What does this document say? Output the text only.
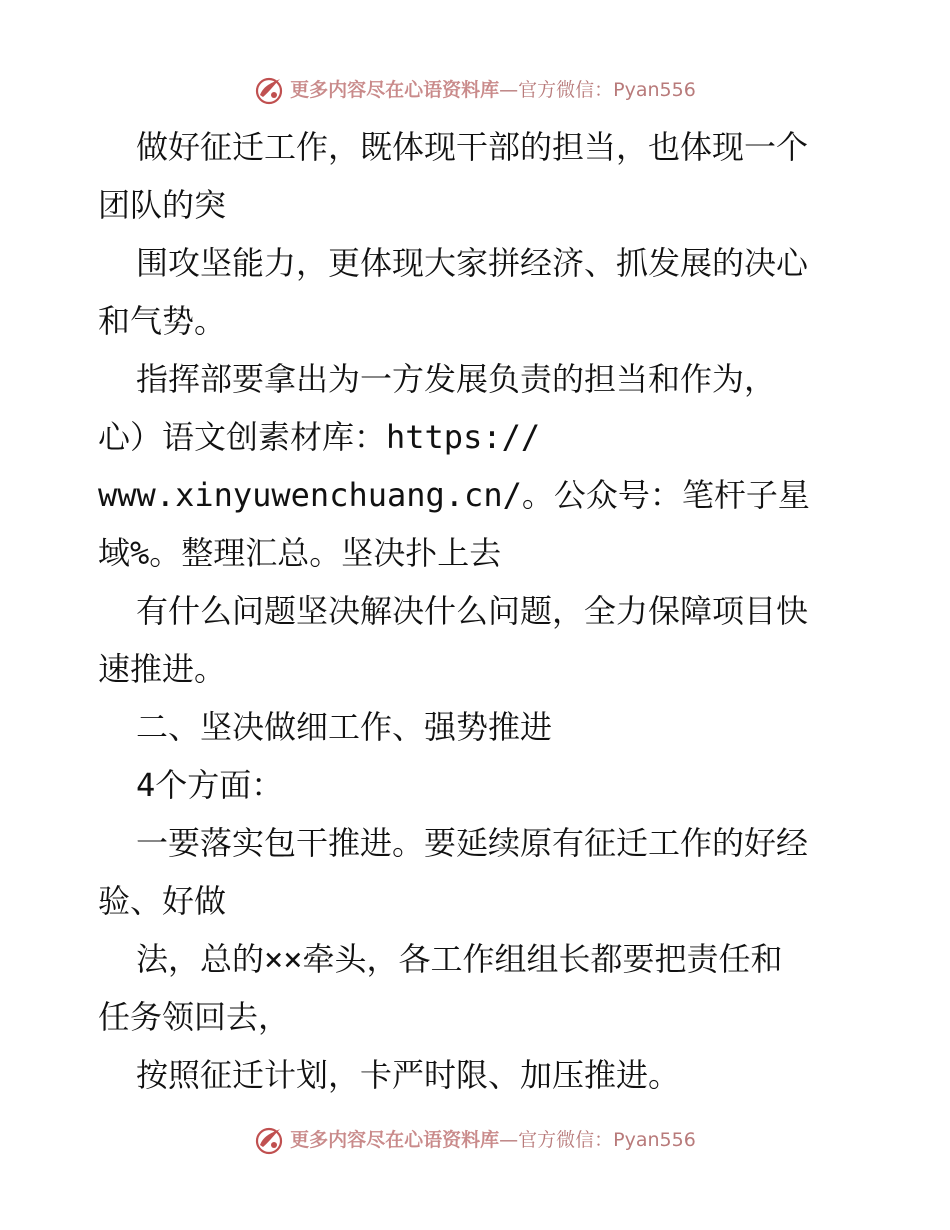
更多内容尽在心语资料库—官方微信：Pyan556
做好征迁工作，既体现干部的担当，也体现一个
团队的突
围攻坚能力，更体现大家拼经济、抓发展的决心
和气势。
指挥部要拿出为一方发展负责的担当和作为，
心）语文创素材库：https://
www.xinyuwenchuang.cn/。公众号：笔杆子星
域%。整理汇总。坚决扑上去
有什么问题坚决解决什么问题，全力保障项目快
速推进。
二、坚决做细工作、强势推进
4个方面：
一要落实包干推进。要延续原有征迁工作的好经
验、好做
法，总的××牵头，各工作组组长都要把责任和
任务领回去，
按照征迁计划，卡严时限、加压推进。
更多内容尽在心语资料库—官方微信：Pyan556
